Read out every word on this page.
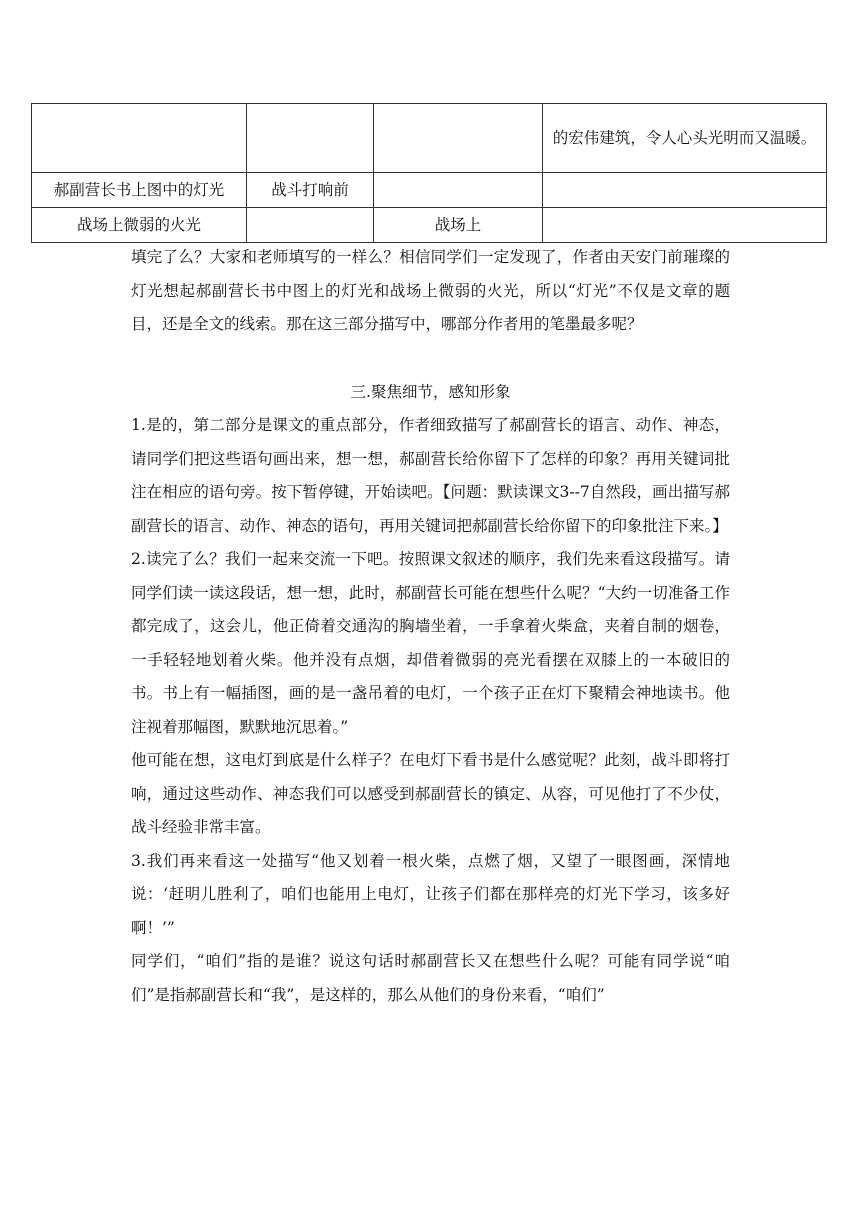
			的宏伟建筑，令人心头光明而又温暖。
郝副营长书上图中的灯光	战斗打响前		
战场上微弱的火光		战场上	

填完了么？大家和老师填写的一样么？相信同学们一定发现了，作者由天安门前璀璨的灯光想起郝副营长书中图上的灯光和战场上微弱的火光，所以“灯光”不仅是文章的题目，还是全文的线索。那在这三部分描写中，哪部分作者用的笔墨最多呢？

三.聚焦细节，感知形象

1.是的，第二部分是课文的重点部分，作者细致描写了郝副营长的语言、动作、神态，请同学们把这些语句画出来，想一想，郝副营长给你留下了怎样的印象？再用关键词批注在相应的语句旁。按下暂停键，开始读吧。【问题：默读课文3--7自然段，画出描写郝副营长的语言、动作、神态的语句，再用关键词把郝副营长给你留下的印象批注下来。】

2.读完了么？我们一起来交流一下吧。按照课文叙述的顺序，我们先来看这段描写。请同学们读一读这段话，想一想，此时，郝副营长可能在想些什么呢？“大约一切准备工作都完成了，这会儿，他正倚着交通沟的胸墙坐着，一手拿着火柴盒，夹着自制的烟卷，一手轻轻地划着火柴。他并没有点烟，却借着微弱的亮光看摆在双膝上的一本破旧的书。书上有一幅插图，画的是一盏吊着的电灯，一个孩子正在灯下聚精会神地读书。他注视着那幅图，默默地沉思着。”

他可能在想，这电灯到底是什么样子？在电灯下看书是什么感觉呢？此刻，战斗即将打响，通过这些动作、神态我们可以感受到郝副营长的镇定、从容，可见他打了不少仗，战斗经验非常丰富。

3.我们再来看这一处描写“他又划着一根火柴，点燃了烟，又望了一眼图画，深情地说：‘赶明儿胜利了，咱们也能用上电灯，让孩子们都在那样亮的灯光下学习，该多好啊！’”

同学们，“咱们”指的是谁？说这句话时郝副营长又在想些什么呢？可能有同学说“咱们”是指郝副营长和“我”，是这样的，那么从他们的身份来看，“咱们”
